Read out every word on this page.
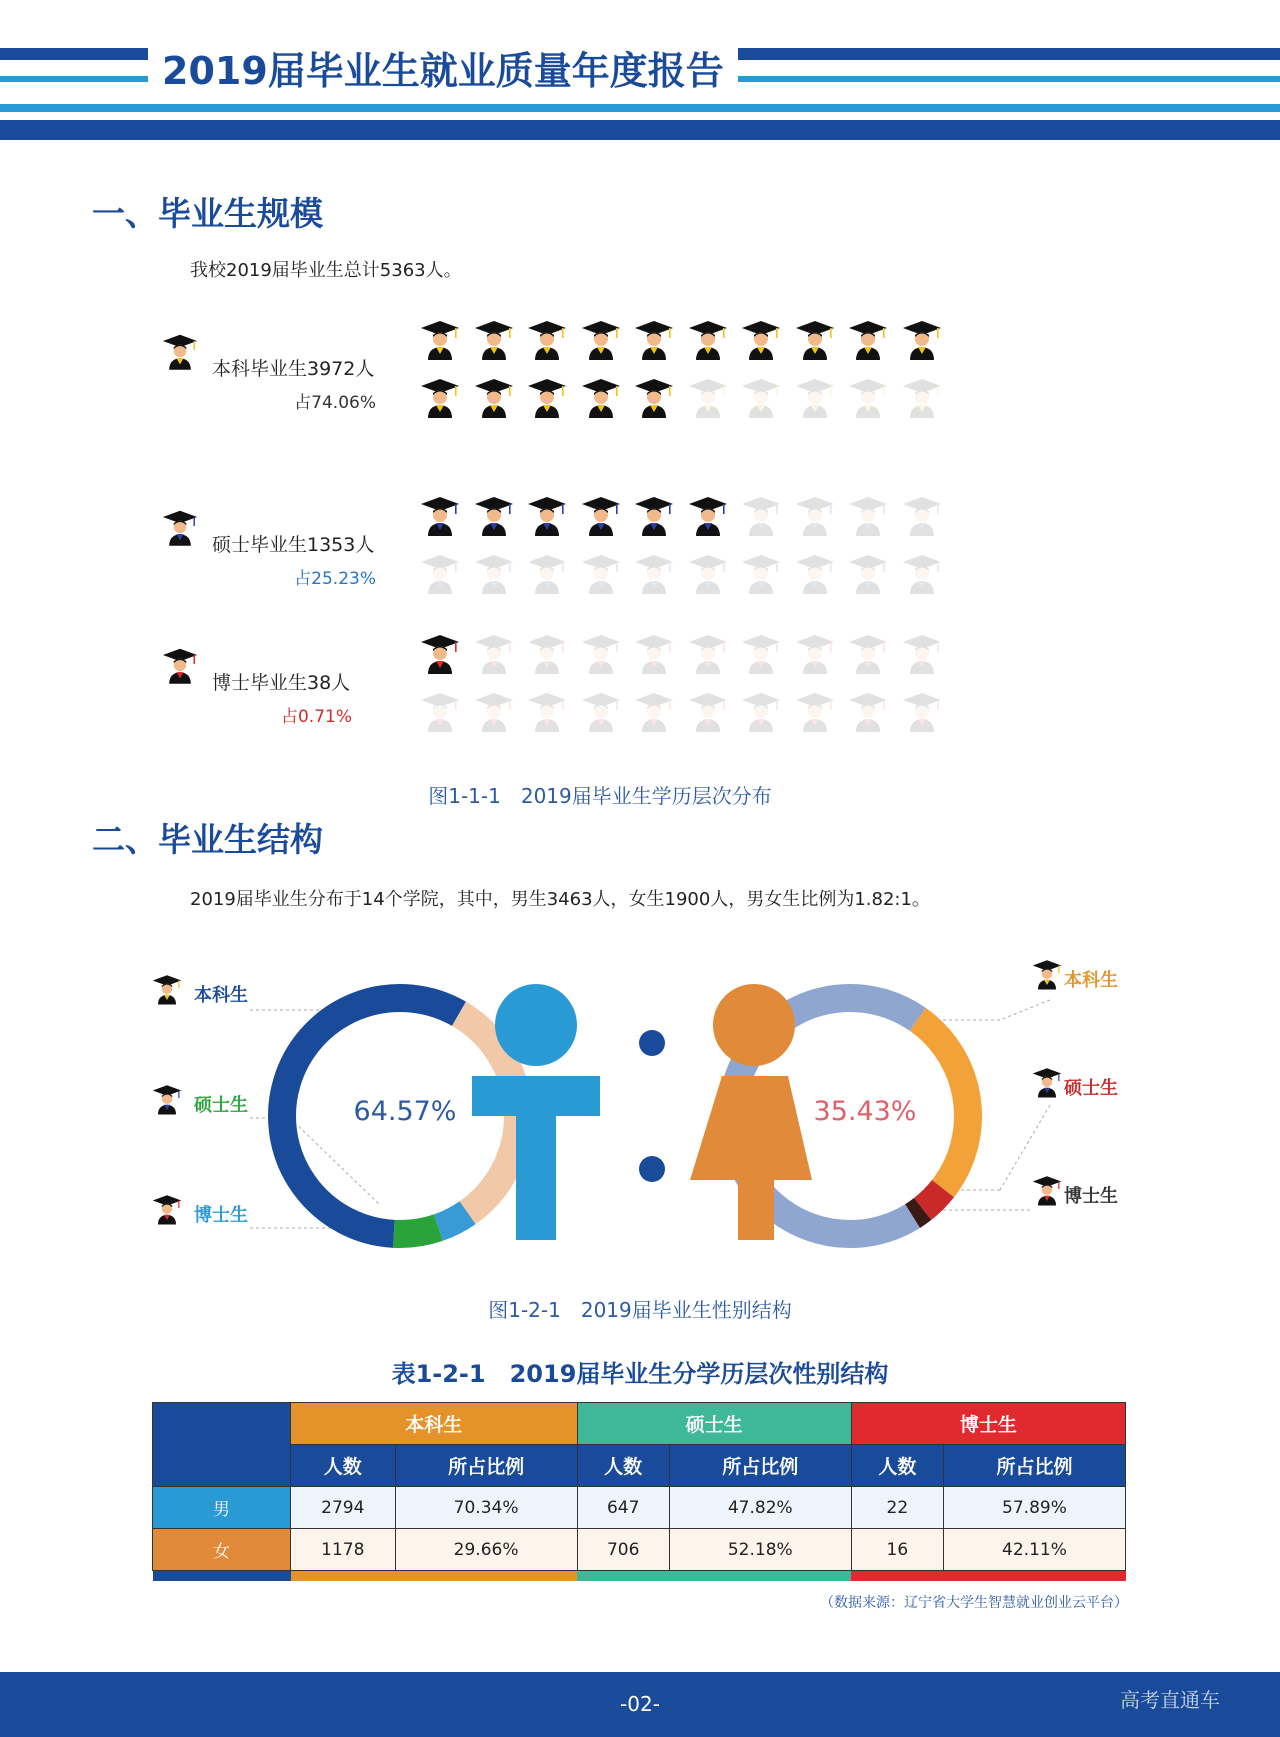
2019届毕业生就业质量年度报告
一、毕业生规模
我校2019届毕业生总计5363人。
本科毕业生3972人
占74.06%
硕士毕业生1353人
占25.23%
博士毕业生38人
占0.71%
图1-1-1　2019届毕业生学历层次分布
二、毕业生结构
2019届毕业生分布于14个学院，其中，男生3463人，女生1900人，男女生比例为1.82:1。
64.57%	35.43%
本科生
硕士生
博士生
本科生
硕士生
博士生
图1-2-1　2019届毕业生性别结构
表1-2-1　2019届毕业生分学历层次性别结构
	本科生		硕士生		博士生	
	人数	所占比例	人数	所占比例	人数	所占比例
男	2794	70.34%	647	47.82%	22	57.89%
女	1178	29.66%	706	52.18%	16	42.11%

（数据来源：辽宁省大学生智慧就业创业云平台）
-02-	高考直通车
